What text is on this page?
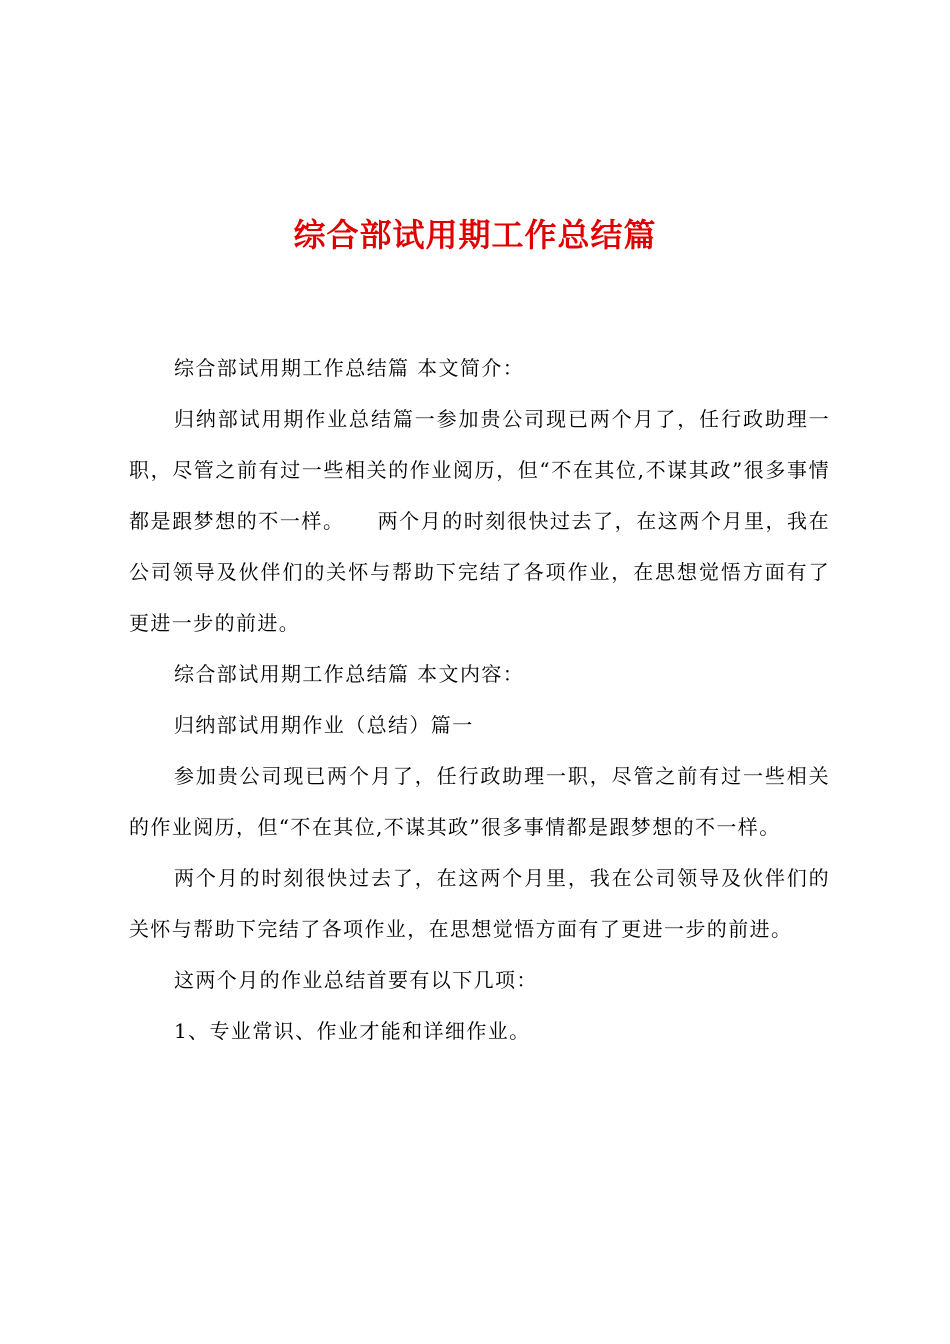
综合部试用期工作总结篇

综合部试用期工作总结篇 本文简介：

归纳部试用期作业总结篇一参加贵公司现已两个月了，任行政助理一职，尽管之前有过一些相关的作业阅历，但“不在其位,不谋其政”很多事情都是跟梦想的不一样。　　两个月的时刻很快过去了，在这两个月里，我在公司领导及伙伴们的关怀与帮助下完结了各项作业，在思想觉悟方面有了更进一步的前进。

综合部试用期工作总结篇 本文内容：

归纳部试用期作业（总结）篇一

参加贵公司现已两个月了，任行政助理一职，尽管之前有过一些相关的作业阅历，但“不在其位,不谋其政”很多事情都是跟梦想的不一样。

两个月的时刻很快过去了，在这两个月里，我在公司领导及伙伴们的关怀与帮助下完结了各项作业，在思想觉悟方面有了更进一步的前进。

这两个月的作业总结首要有以下几项：

1、专业常识、作业才能和详细作业。
